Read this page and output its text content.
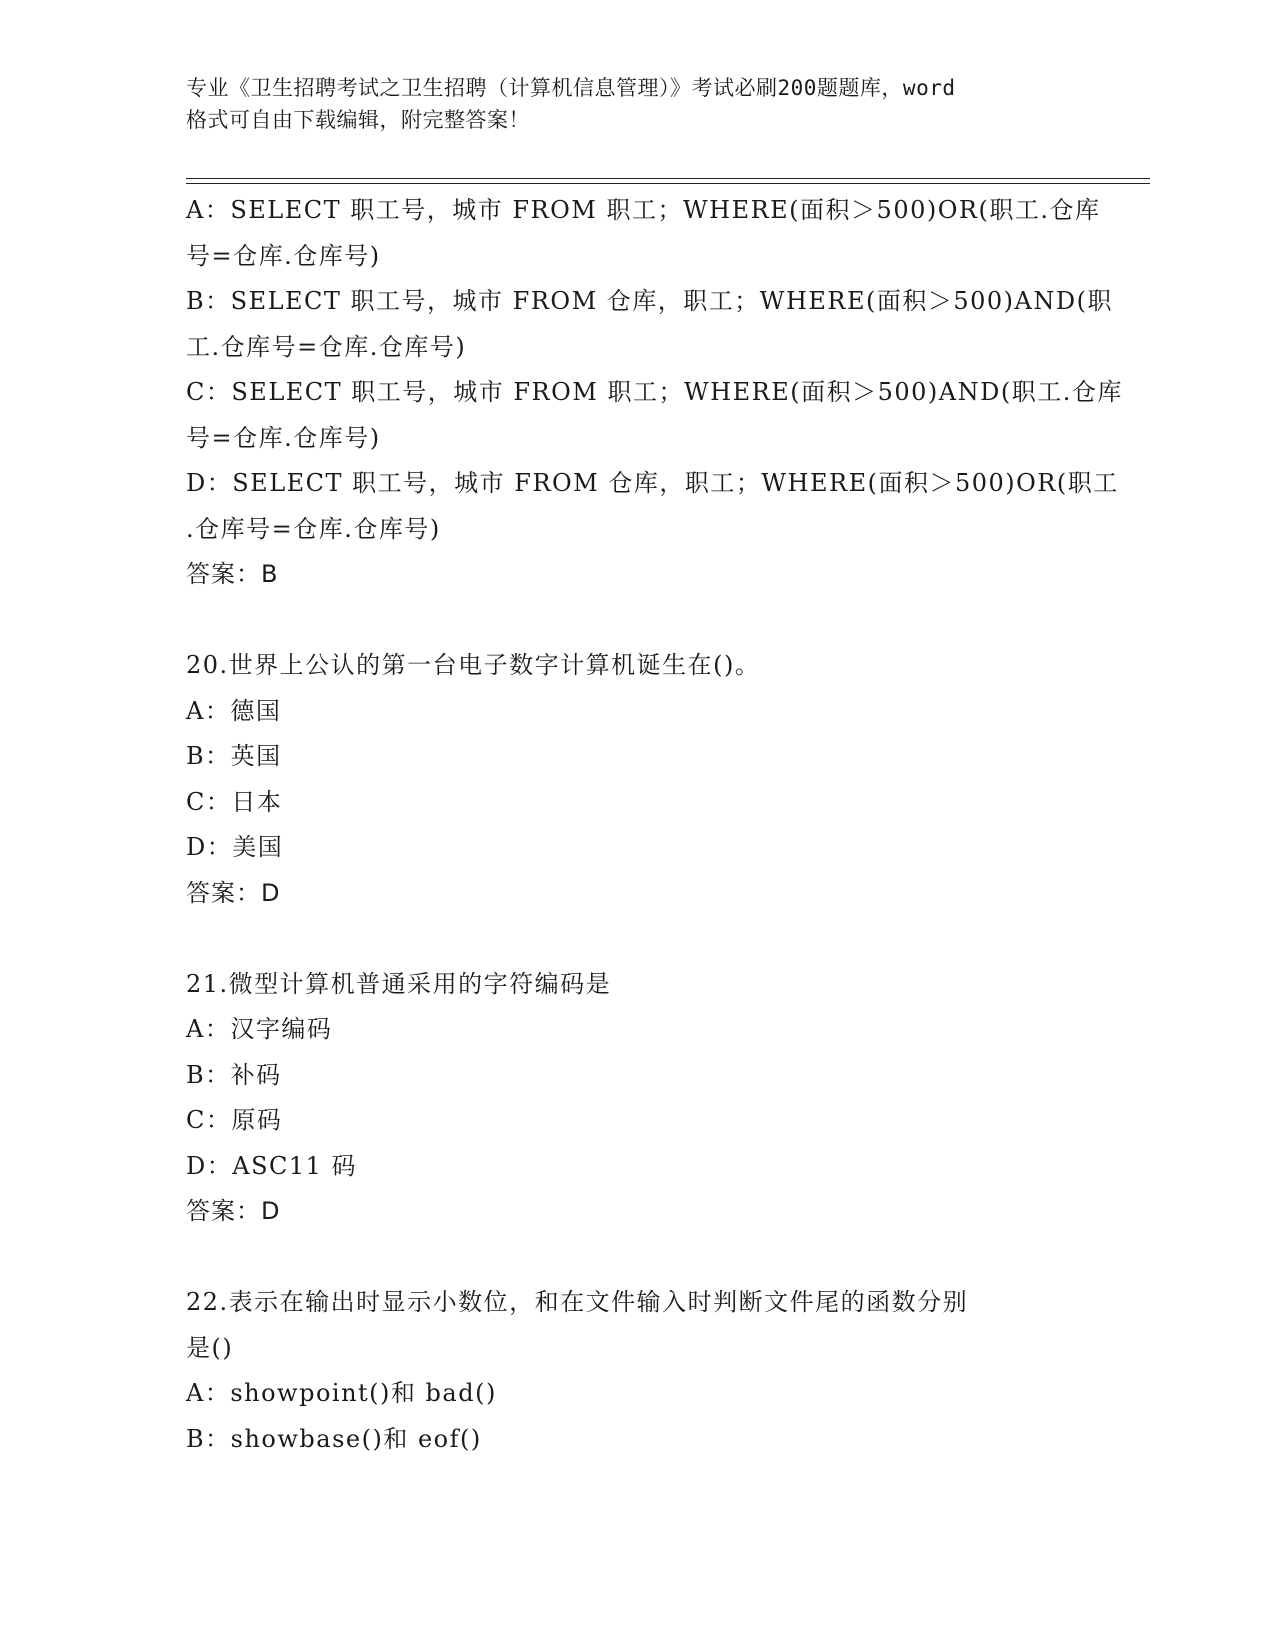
专业《卫生招聘考试之卫生招聘（计算机信息管理）》考试必刷200题题库，word
格式可自由下载编辑，附完整答案！
A：SELECT 职工号，城市 FROM 职工；WHERE(面积＞500)OR(职工.仓库
号=仓库.仓库号)
B：SELECT 职工号，城市 FROM 仓库，职工；WHERE(面积＞500)AND(职
工.仓库号=仓库.仓库号)
C：SELECT 职工号，城市 FROM 职工；WHERE(面积＞500)AND(职工.仓库
号=仓库.仓库号)
D：SELECT 职工号，城市 FROM 仓库，职工；WHERE(面积＞500)OR(职工
.仓库号=仓库.仓库号)
答案：B
20.世界上公认的第一台电子数字计算机诞生在()。
A：德国
B：英国
C：日本
D：美国
答案：D
21.微型计算机普通采用的字符编码是
A：汉字编码
B：补码
C：原码
D：ASC11 码
答案：D
22.表示在输出时显示小数位，和在文件输入时判断文件尾的函数分别
是()
A：showpoint()和 bad()
B：showbase()和 eof()
